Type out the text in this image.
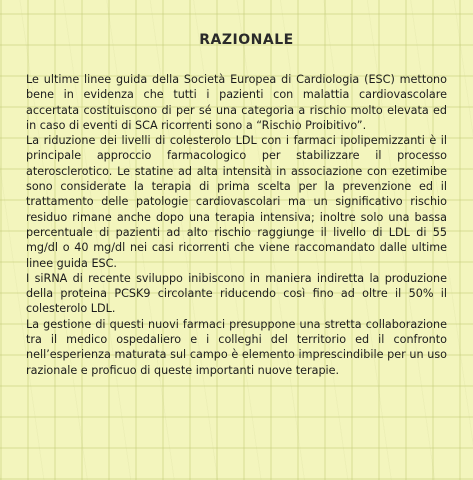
RAZIONALE

Le ultime linee guida della Società Europea di Cardiologia (ESC) mettono bene in evidenza che tutti i pazienti con malattia cardiovascolare accertata costituiscono di per sé una categoria a rischio molto elevata ed in caso di eventi di SCA ricorrenti sono a “Rischio Proibitivo”.

La riduzione dei livelli di colesterolo LDL con i farmaci ipolipemizzanti è il principale approccio farmacologico per stabilizzare il processo aterosclerotico. Le statine ad alta intensità in associazione con ezetimibe sono considerate la terapia di prima scelta per la prevenzione ed il trattamento delle patologie cardiovascolari ma un significativo rischio residuo rimane anche dopo una terapia intensiva; inoltre solo una bassa percentuale di pazienti ad alto rischio raggiunge il livello di LDL di 55 mg/dl o 40 mg/dl nei casi ricorrenti che viene raccomandato dalle ultime linee guida ESC.

I siRNA di recente sviluppo inibiscono in maniera indiretta la produzione della proteina PCSK9 circolante riducendo così fino ad oltre il 50% il colesterolo LDL.

La gestione di questi nuovi farmaci presuppone una stretta collaborazione tra il medico ospedaliero e i colleghi del territorio ed il confronto nell’esperienza maturata sul campo è elemento imprescindibile per un uso razionale e proficuo di queste importanti nuove terapie.
